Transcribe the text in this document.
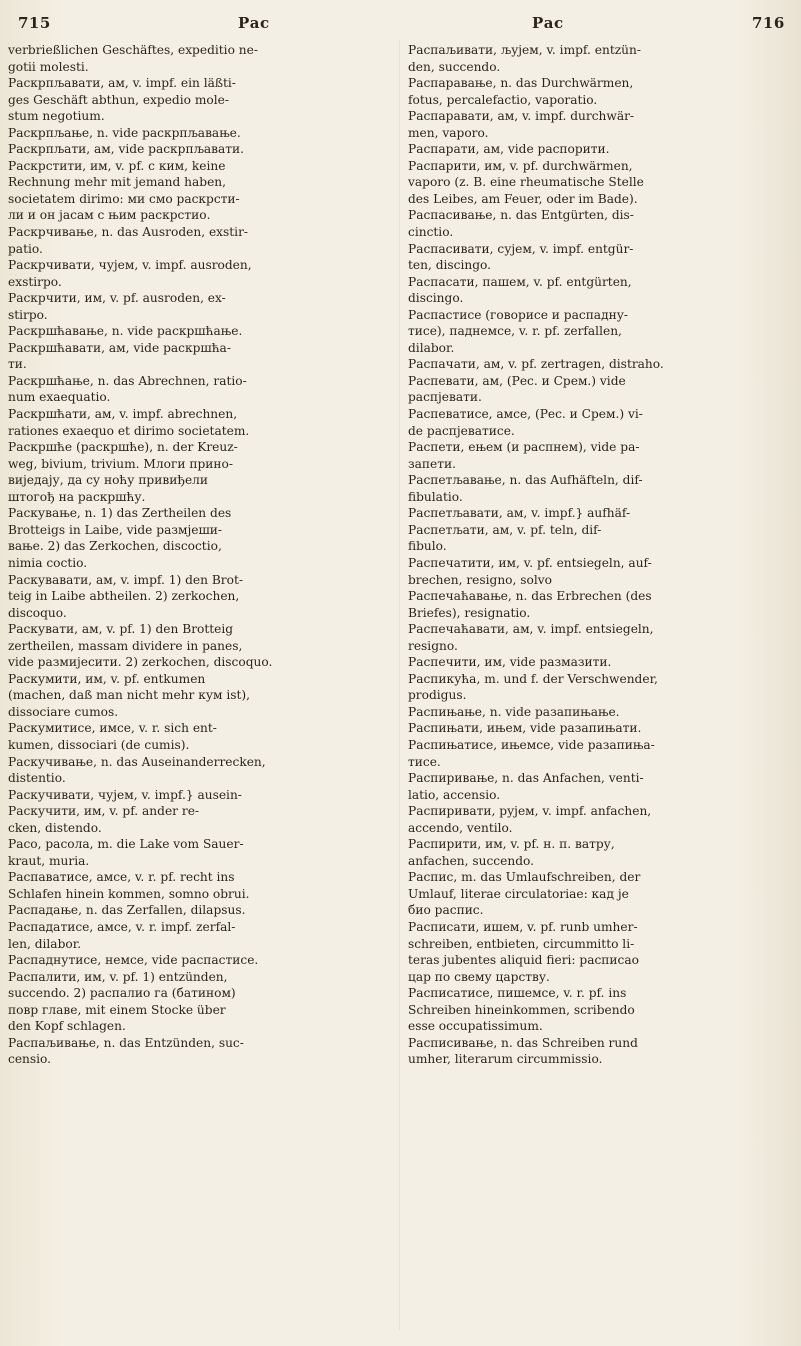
715	Рас	Рас	716
verbrießlichen Geschäftes, expeditio ne-
gotii molesti.
Раскрпљавати, ам, v. impf. ein läßti-
ges Geschäft abthun, expedio mole-
stum negotium.
Раскрпљање, n. vide раскрпљавање.
Раскрпљати, ам, vide раскрпљавати.
Раскрстити, им, v. pf. с ким, keine
Rechnung mehr mit jemand haben,
societatem dirimo: ми смо раскрсти-
ли и он јасам с њим раскрстио.
Раскрчивање, n. das Ausroden, exstir-
patio.
Раскрчивати, чујем, v. impf. ausroden,
exstirpo.
Раскрчити, им, v. pf. ausroden, ex-
stirpo.
Раскршћавање, n. vide раскршћање.
Раскршћавати, ам, vide раскршћа-
ти.
Раскршћање, n. das Abrechnen, ratio-
num exaequatio.
Раскршћати, ам, v. impf. abrechnen,
rationes exaequo et dirimo societatem.
Раскршће (раскршће), n. der Kreuz-
weg, bivium, trivium. Млоги прино-
виједају, да су ноћу привиђели
штогођ на раскршћу.
Раскување, n. 1) das Zertheilen des
Brotteigs in Laibe, vide размјеши-
вање. 2) das Zerkochen, discoctio,
nimia coctio.
Раскувавати, ам, v. impf. 1) den Brot-
teig in Laibe abtheilen. 2) zerkochen,
discoquo.
Раскувати, ам, v. pf. 1) den Brotteig
zertheilen, massam dividere in panes,
vide размијесити. 2) zerkochen, discoquo.
Раскумити, им, v. pf. entkumen
(machen, daß man nicht mehr кум ist),
dissociare cumos.
Раскумитисе, имсе, v. r. sich ent-
kumen, dissociari (de cumis).
Раскучивање, n. das Auseinanderrecken,
distentio.
Раскучивати, чујем, v. impf.} ausein-
Раскучити, им, v. pf. ander re-
cken, distendo.
Расо, расола, m. die Lake vom Sauer-
kraut, muria.
Распаватисе, амсе, v. r. pf. recht ins
Schlafen hinein kommen, somno obrui.
Распадање, n. das Zerfallen, dilapsus.
Распадатисе, амсе, v. r. impf. zerfal-
len, dilabor.
Распаднутисе, немсе, vide распастисе.
Распалити, им, v. pf. 1) entzünden,
succendo. 2) распалио га (батином)
повр главе, mit einem Stocke über
den Kopf schlagen.
Распаљивање, n. das Entzünden, suc-
censio.
Распаљивати, љујем, v. impf. entzün-
den, succendo.
Распаравање, n. das Durchwärmen,
fotus, percalefactio, vaporatio.
Распаравати, ам, v. impf. durchwär-
men, vaporo.
Распарати, ам, vide распорити.
Распарити, им, v. pf. durchwärmen,
vaporo (z. B. eine rheumatische Stelle
des Leibes, am Feuer, oder im Bade).
Распасивање, n. das Entgürten, dis-
cinctio.
Распасивати, сујем, v. impf. entgür-
ten, discingo.
Распасати, пашем, v. pf. entgürten,
discingo.
Распастисе (говорисе и распадну-
тисе), паднемсе, v. r. pf. zerfallen,
dilabor.
Распачати, ам, v. pf. zertragen, distraho.
Распевати, ам, (Рес. и Срем.) vide
распјевати.
Распеватисе, амсе, (Рес. и Срем.) vi-
de распјеватисе.
Распети, ењем (и распнем), vide ра-
запети.
Распетљавање, n. das Aufhäfteln, dif-
fibulatio.
Распетљавати, ам, v. impf.} aufhäf-
Распетљати, ам, v. pf. teln, dif-
fibulo.
Распечатити, им, v. pf. entsiegeln, auf-
brechen, resigno, solvo
Распечаћавање, n. das Erbrechen (des
Briefes), resignatio.
Распечаћавати, ам, v. impf. entsiegeln,
resigno.
Распечити, им, vide размазити.
Распикућа, m. und f. der Verschwender,
prodigus.
Распињање, n. vide разапињање.
Распињати, ињем, vide разапињати.
Распињатисе, ињемсе, vide разапиња-
тисе.
Распиривање, n. das Anfachen, venti-
latio, accensio.
Распиривати, рујем, v. impf. anfachen,
accendo, ventilo.
Распирити, им, v. pf. н. п. ватру,
anfachen, succendo.
Распис, m. das Umlaufschreiben, der
Umlauf, literae circulatoriae: кад је
био распис.
Расписати, ишем, v. pf. runb umher-
schreiben, entbieten, circummitto li-
teras jubentes aliquid fieri: расписао
цар по свему царству.
Расписатисе, пишемсе, v. r. pf. ins
Schreiben hineinkommen, scribendo
esse occupatissimum.
Расписивање, n. das Schreiben rund
umher, literarum circummissio.
